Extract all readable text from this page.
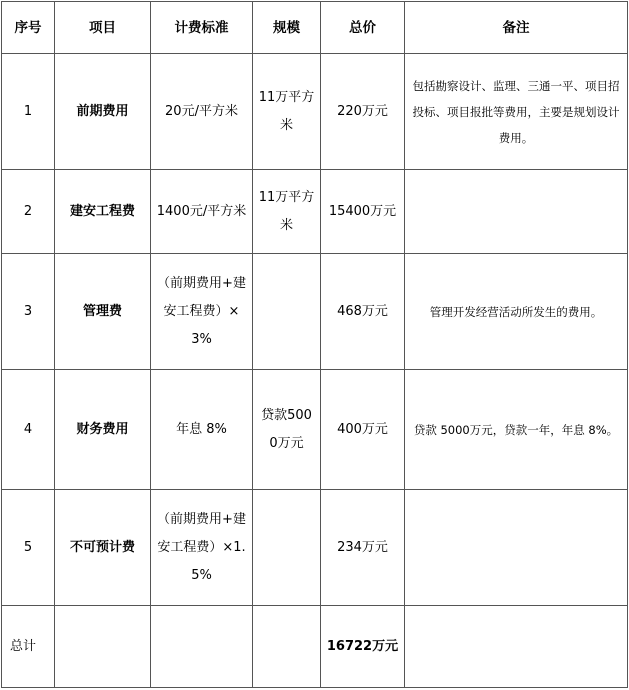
序号	项目	计费标准	规模	总价	备注
1	前期费用	20元/平方米	11万平方米	220万元	包括勘察设计、监理、三通一平、项目招投标、项目报批等费用，主要是规划设计费用。
2	建安工程费	1400元/平方米	11万平方米	15400万元	
3	管理费	（前期费用+建安工程费）×3%		468万元	管理开发经营活动所发生的费用。
4	财务费用	年息 8%	贷款5000万元	400万元	贷款 5000万元，贷款一年，年息 8%。
5	不可预计费	（前期费用+建安工程费）×1.5%		234万元	
总计				16722万元	
